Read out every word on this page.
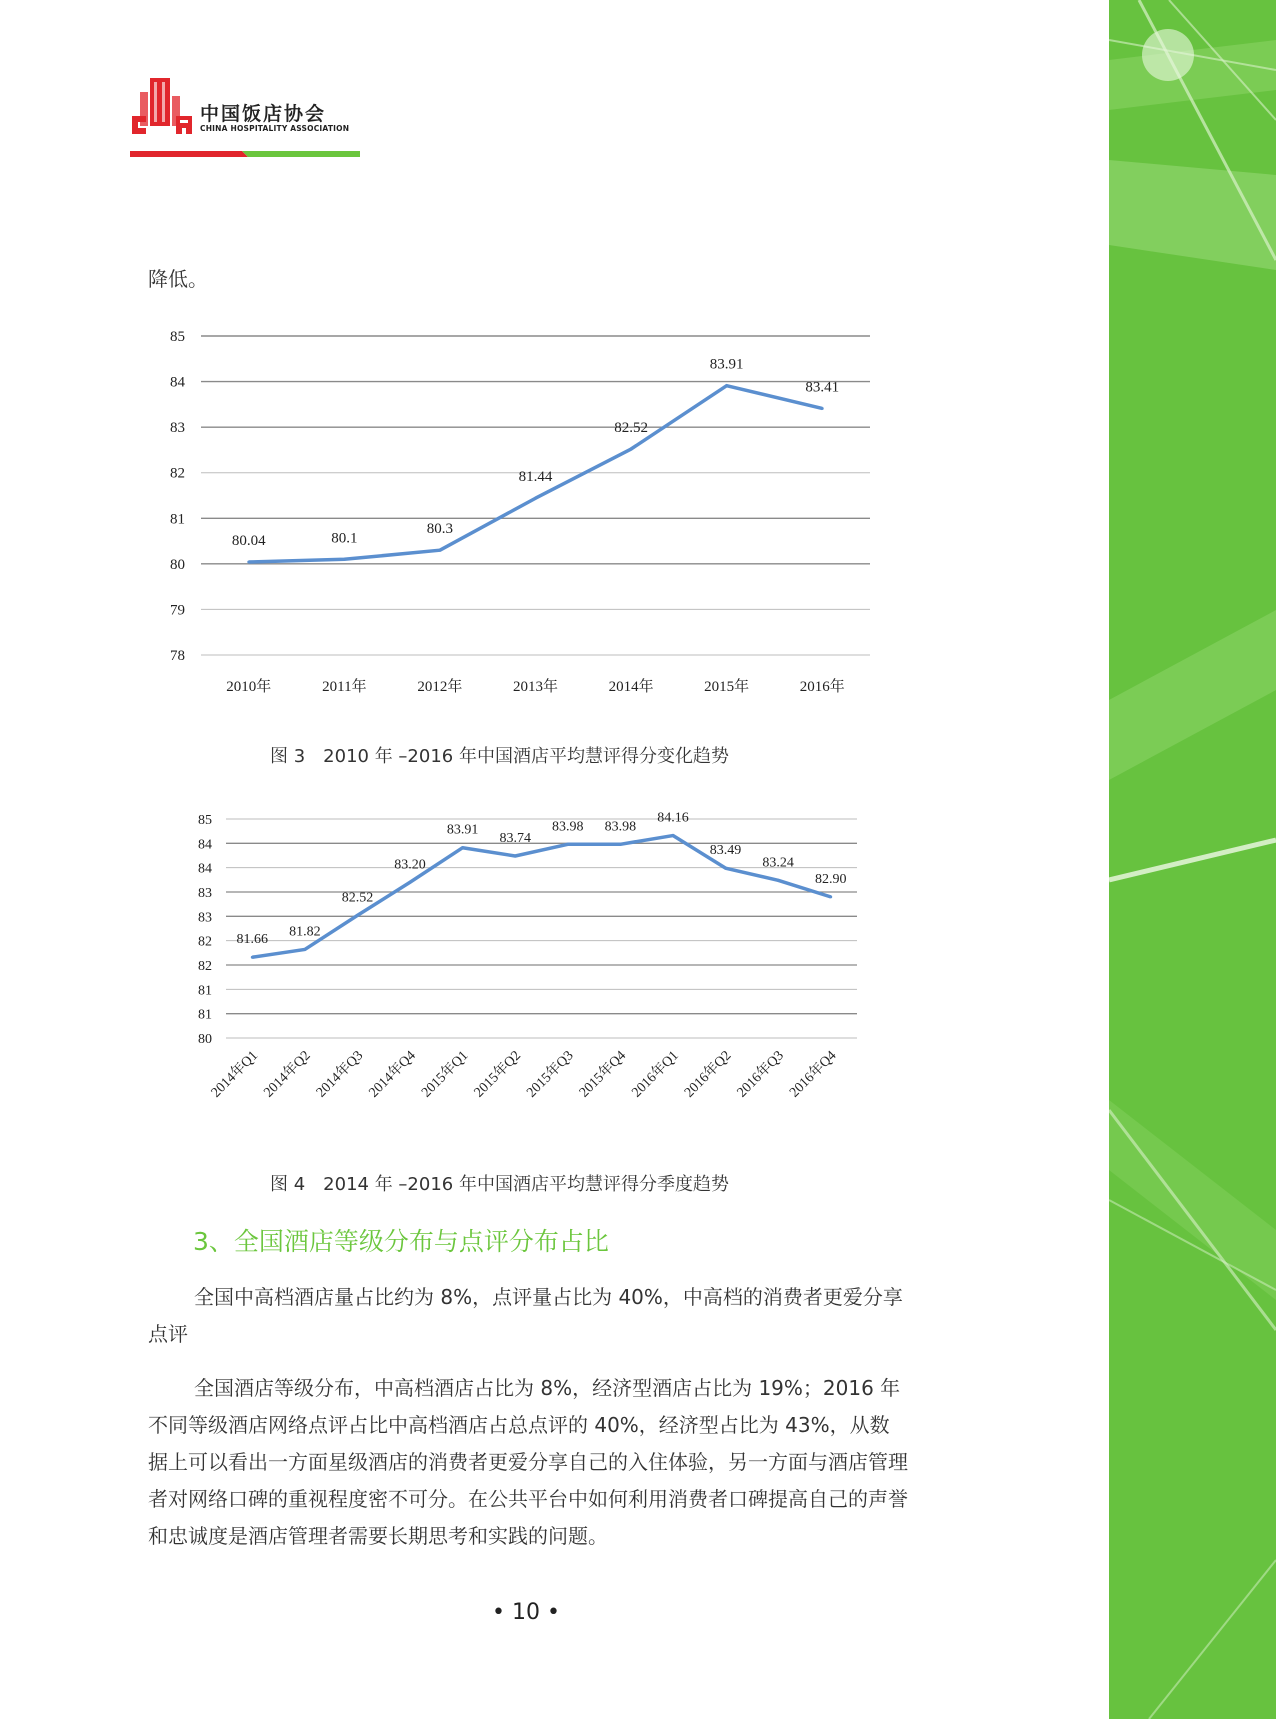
中国饭店协会
CHINA HOSPITALITY ASSOCIATION
降低。
85
84
83
82
81
80
79
78
2010年	2011年	2012年	2013年	2014年	2015年	2016年
80.04	80.1
80.3
81.44
82.52
83.91
83.41
图 3　2010 年 –2016 年中国酒店平均慧评得分变化趋势
85
84
84
83
83
82
82
81
81
80
2014年Q1 2014年Q2 2014年Q3 2014年Q4 2015年Q1 2015年Q2 2015年Q3 2015年Q4 2016年Q1 2016年Q2 2016年Q3 2016年Q4
81.66
81.82
82.52
83.20
83.91
83.74
83.98 83.98
84.16
83.49
83.24
82.90
图 4　2014 年 –2016 年中国酒店平均慧评得分季度趋势
3、全国酒店等级分布与点评分布占比
全国中高档酒店量占比约为 8%，点评量占比为 40%，中高档的消费者更爱分享点评
全国酒店等级分布，中高档酒店占比为 8%，经济型酒店占比为 19%；2016 年不同等级酒店网络点评占比中高档酒店占总点评的 40%，经济型占比为 43%，从数据上可以看出一方面星级酒店的消费者更爱分享自己的入住体验，另一方面与酒店管理者对网络口碑的重视程度密不可分。在公共平台中如何利用消费者口碑提高自己的声誉和忠诚度是酒店管理者需要长期思考和实践的问题。
• 10 •
